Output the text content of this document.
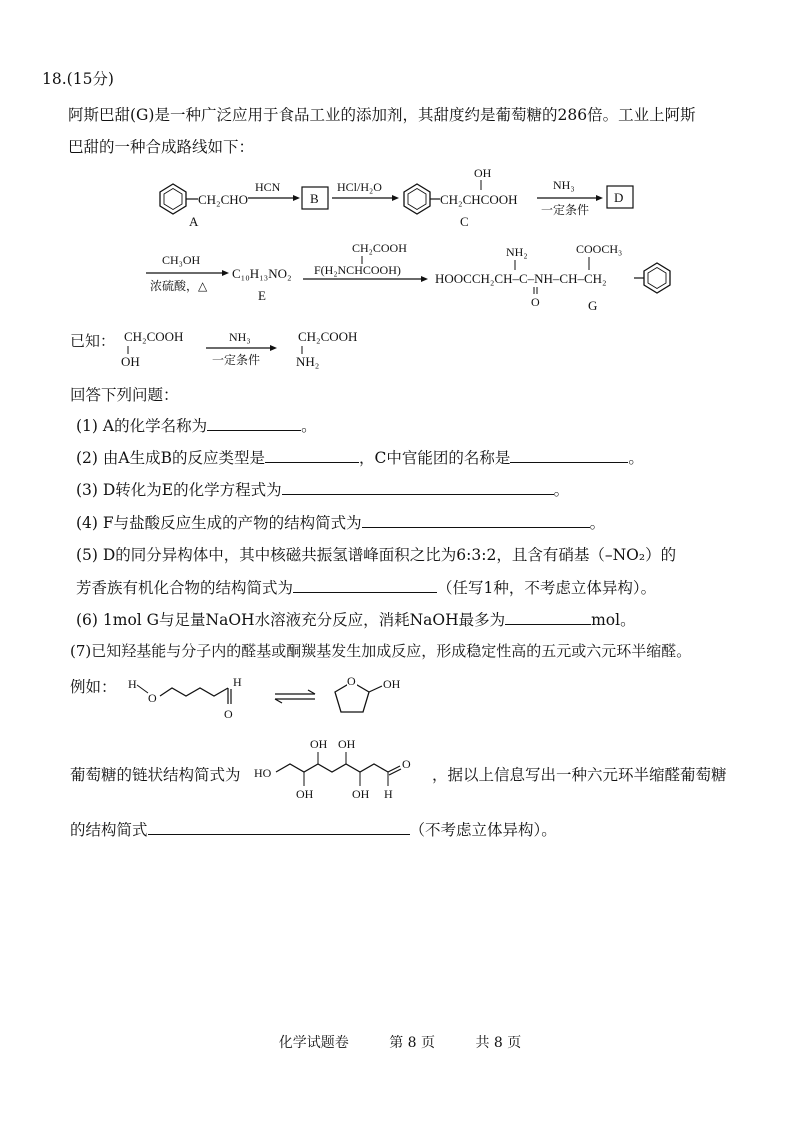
18.(15分)
阿斯巴甜(G)是一种广泛应用于食品工业的添加剂，其甜度约是葡萄糖的286倍。工业上阿斯
巴甜的一种合成路线如下：
CH₂CHO
A
HCN
B
HCl/H₂O
OH
CH₂CHCOOH
C
NH₃
一定条件
D
CH₃OH
浓硫酸，△
C₁₀H₁₃NO₂
E
CH₂COOH
F(H₂NCHCOOH)
NH₂	COOCH₃
HOOCCH₂CH–C–NH–CH–CH₂
O	G
已知： CH₂COOH
OH
NH₃
一定条件
CH₂COOH
NH₂
回答下列问题：
(1) A的化学名称为	。
(2) 由A生成B的反应类型是	，C中官能团的名称是	。
(3) D转化为E的化学方程式为	。
(4) F与盐酸反应生成的产物的结构简式为	。
(5) D的同分异构体中，其中核磁共振氢谱峰面积之比为6:3:2，且含有硝基（–NO₂）的
芳香族有机化合物的结构简式为	（任写1种，不考虑立体异构）。
(6) 1mol G与足量NaOH水溶液充分反应，消耗NaOH最多为	mol。
(7)已知羟基能与分子内的醛基或酮羰基发生加成反应，形成稳定性高的五元或六元环半缩醛。
例如： H
O
H
O
O OH
葡萄糖的链状结构简式为 HO
OH OH
OH	OH
O
H
，据以上信息写出一种六元环半缩醛葡萄糖
的结构简式	（不考虑立体异构）。
化学试题卷	第 8 页	共 8 页
